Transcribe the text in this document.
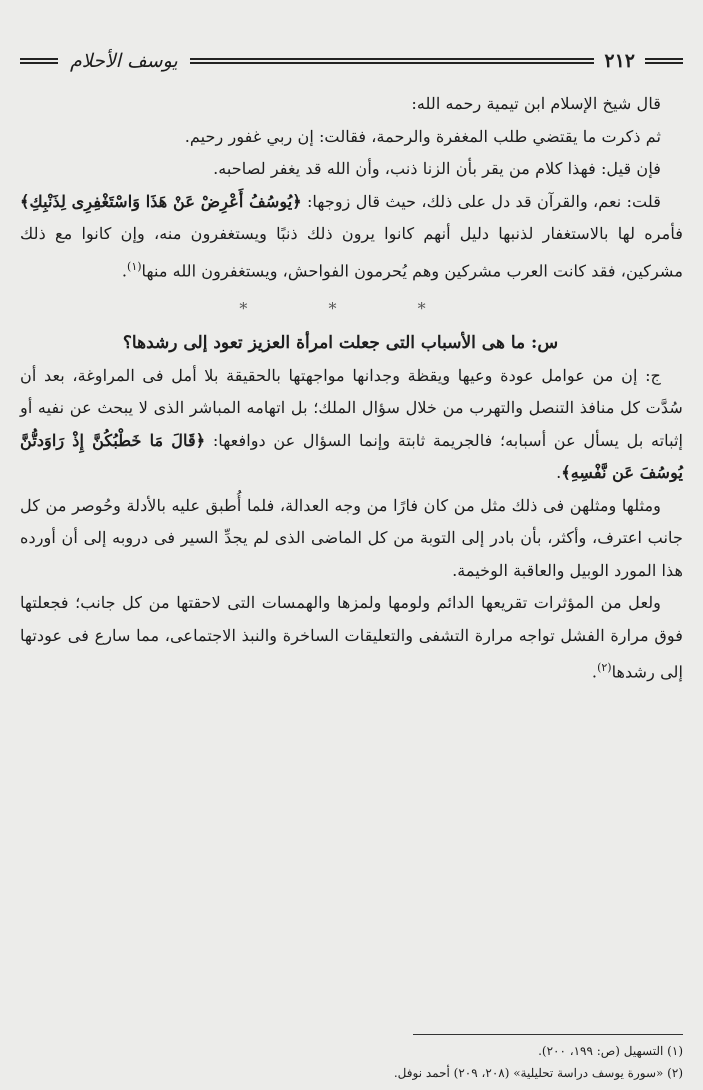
٢١٢
يوسف الأحلام

قال شيخ الإسلام ابن تيمية رحمه الله:

ثم ذكرت ما يقتضي طلب المغفرة والرحمة، فقالت: إن ربي غفور رحيم.

فإن قيل: فهذا كلام من يقر بأن الزنا ذنب، وأن الله قد يغفر لصاحبه.

قلت: نعم، والقرآن قد دل على ذلك، حيث قال زوجها: ﴿يُوسُفُ أَعْرِضْ عَنْ هَذَا وَاسْتَغْفِرِى لِذَنْبِكِ﴾ فأمره لها بالاستغفار لذنبها دليل أنهم كانوا يرون ذلك ذنبًا ويستغفرون منه، وإن كانوا مع ذلك مشركين، فقد كانت العرب مشركين وهم يُحرمون الفواحش، ويستغفرون الله منها$^{(١)}$.

* * *

س: ما هى الأسباب التى جعلت امرأة العزيز تعود إلى رشدها؟

ج: إن من عوامل عودة وعيها ويقظة وجدانها مواجهتها بالحقيقة بلا أمل فى المراوغة، بعد أن سُدَّت كل منافذ التنصل والتهرب من خلال سؤال الملك؛ بل اتهامه المباشر الذى لا يبحث عن نفيه أو إثباته بل يسأل عن أسبابه؛ فالجريمة ثابتة وإنما السؤال عن دوافعها: ﴿قَالَ مَا خَطْبُكُنَّ إِذْ رَاوَدتُّنَّ يُوسُفَ عَن نَّفْسِهِ﴾.

ومثلها ومثلهن فى ذلك مثل من كان فارًا من وجه العدالة، فلما أُطبق عليه بالأدلة وحُوصر من كل جانب اعترف، وأكثر، بأن بادر إلى التوبة من كل الماضى الذى لم يجدِّ السير فى دروبه إلى أن أورده هذا المورد الوبيل والعاقبة الوخيمة.

ولعل من المؤثرات تقريعها الدائم ولومها ولمزها والهمسات التى لاحقتها من كل جانب؛ فجعلتها فوق مرارة الفشل تواجه مرارة التشفى والتعليقات الساخرة والنبذ الاجتماعى، مما سارع فى عودتها إلى رشدها$^{(٢)}$.

(١) التسهيل (ص: ١٩٩، ٢٠٠).

(٢) «سورة يوسف دراسة تحليلية» (٢٠٨، ٢٠٩) أحمد نوفل.
